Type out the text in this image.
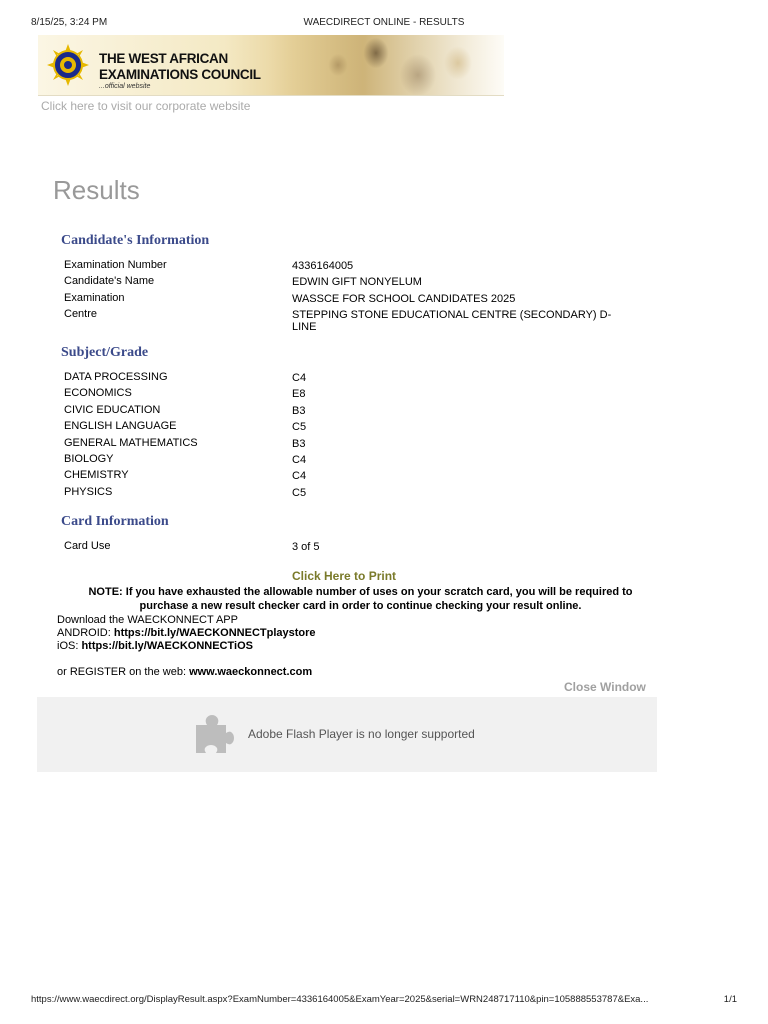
8/15/25, 3:24 PM	WAECDIRECT ONLINE - RESULTS
THE WEST AFRICAN
EXAMINATIONS COUNCIL
...official website
Click here to visit our corporate website
Results
Candidate's Information
Examination Number	4336164005
Candidate's Name	EDWIN GIFT NONYELUM
Examination	WASSCE FOR SCHOOL CANDIDATES 2025
Centre	STEPPING STONE EDUCATIONAL CENTRE (SECONDARY) D-LINE
Subject/Grade
DATA PROCESSING	C4
ECONOMICS	E8
CIVIC EDUCATION	B3
ENGLISH LANGUAGE	C5
GENERAL MATHEMATICS	B3
BIOLOGY	C4
CHEMISTRY	C4
PHYSICS	C5
Card Information
Card Use	3 of 5
Click Here to Print
NOTE: If you have exhausted the allowable number of uses on your scratch card, you will be required to purchase a new result checker card in order to continue checking your result online.
Download the WAECKONNECT APP
ANDROID: https://bit.ly/WAECKONNECTplaystore
iOS: https://bit.ly/WAECKONNECTiOS
or REGISTER on the web: www.waeckonnect.com
Close Window
Adobe Flash Player is no longer supported
https://www.waecdirect.org/DisplayResult.aspx?ExamNumber=4336164005&ExamYear=2025&serial=WRN248717110&pin=105888553787&Exa...	1/1
